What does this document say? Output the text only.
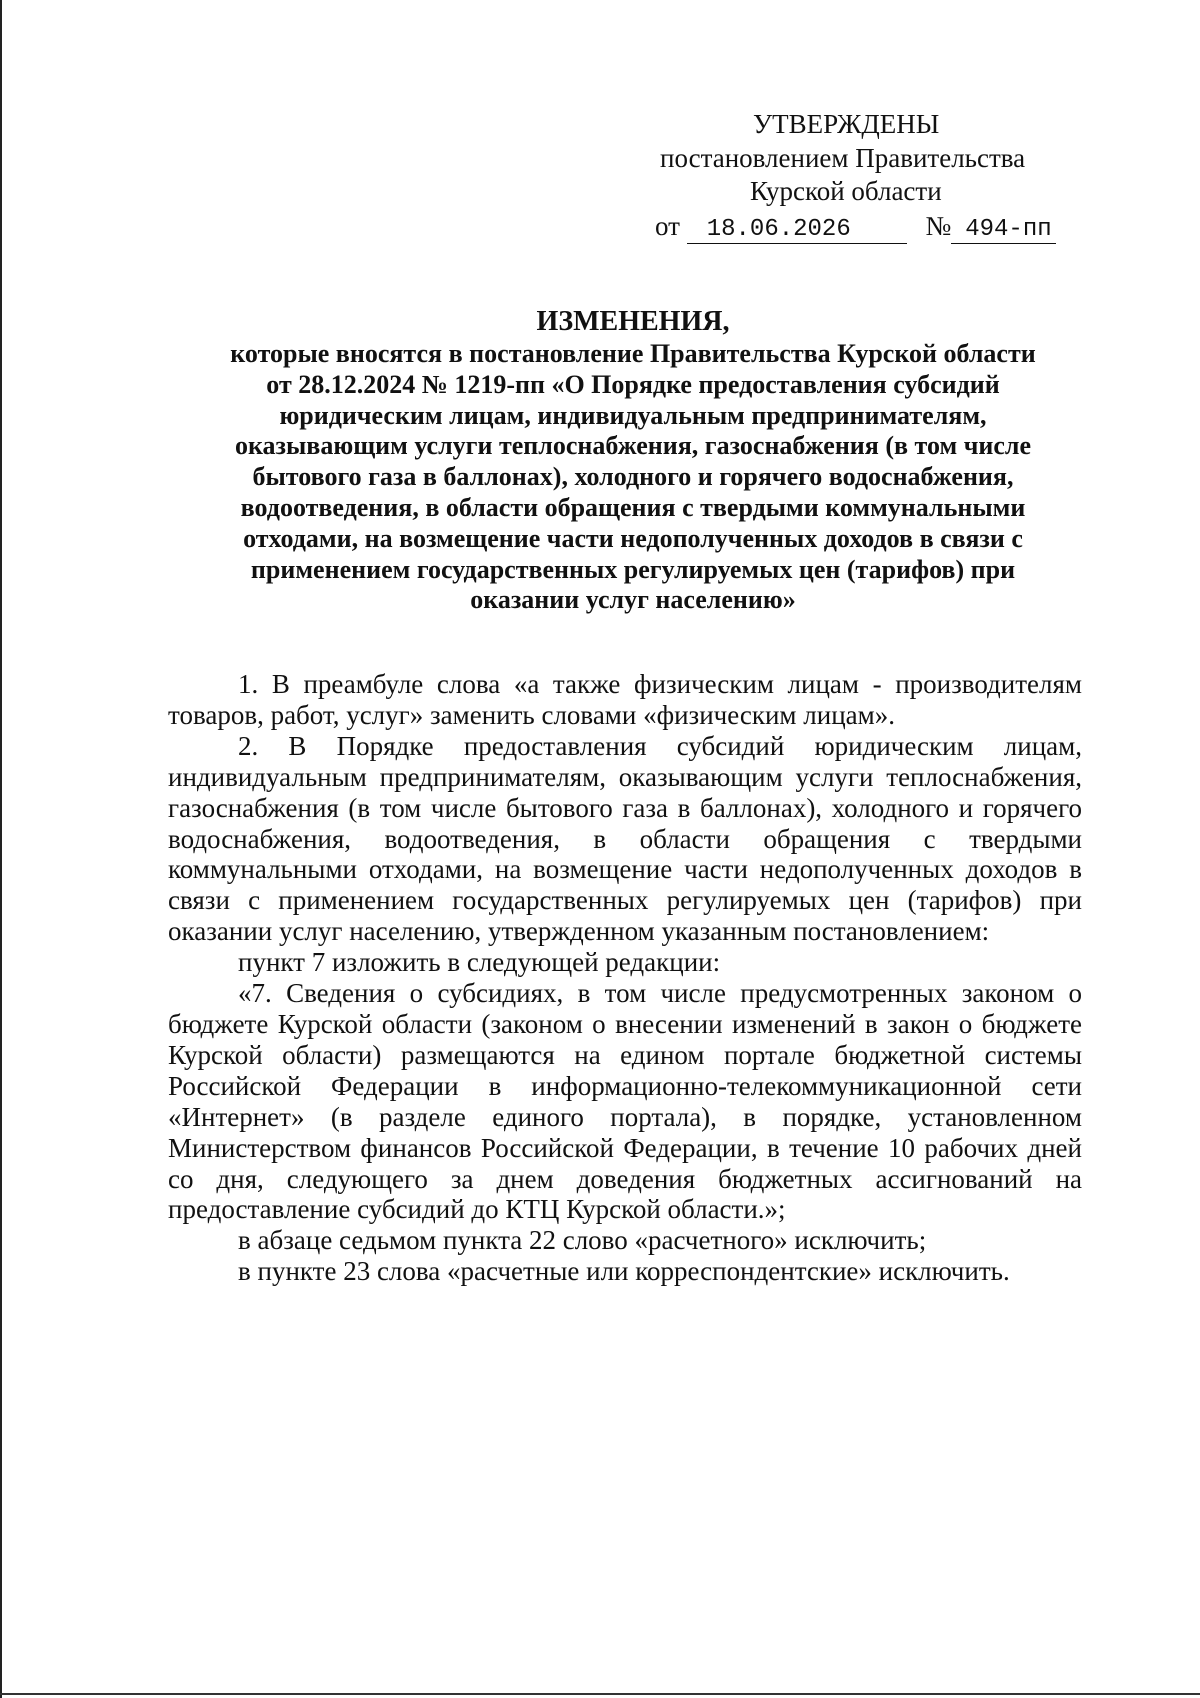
УТВЕРЖДЕНЫ
постановлением Правительства
Курской области
от 18.06.2026	№ 494-пп

ИЗМЕНЕНИЯ,

которые вносятся в постановление Правительства Курской области
от 28.12.2024 № 1219-пп «О Порядке предоставления субсидий
юридическим лицам, индивидуальным предпринимателям,
оказывающим услуги теплоснабжения, газоснабжения (в том числе
бытового газа в баллонах), холодного и горячего водоснабжения,
водоотведения, в области обращения с твердыми коммунальными
отходами, на возмещение части недополученных доходов в связи с
применением государственных регулируемых цен (тарифов) при
оказании услуг населению»

1. В преамбуле слова «а также физическим лицам - производителям товаров, работ, услуг» заменить словами «физическим лицам».

2. В Порядке предоставления субсидий юридическим лицам, индивидуальным предпринимателям, оказывающим услуги теплоснабжения, газоснабжения (в том числе бытового газа в баллонах), холодного и горячего водоснабжения, водоотведения, в области обращения с твердыми коммунальными отходами, на возмещение части недополученных доходов в связи с применением государственных регулируемых цен (тарифов) при оказании услуг населению, утвержденном указанным постановлением:

пункт 7 изложить в следующей редакции:

«7. Сведения о субсидиях, в том числе предусмотренных законом о бюджете Курской области (законом о внесении изменений в закон о бюджете Курской области) размещаются на едином портале бюджетной системы Российской Федерации в информационно-телекоммуникационной сети «Интернет» (в разделе единого портала), в порядке, установленном Министерством финансов Российской Федерации, в течение 10 рабочих дней со дня, следующего за днем доведения бюджетных ассигнований на предоставление субсидий до КТЦ Курской области.»;

в абзаце седьмом пункта 22 слово «расчетного» исключить;

в пункте 23 слова «расчетные или корреспондентские» исключить.
